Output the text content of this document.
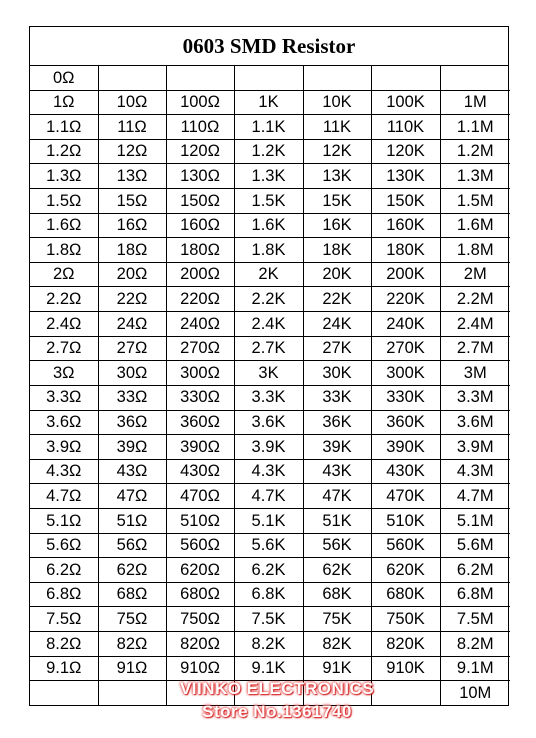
0603 SMD Resistor
0Ω						
1Ω	10Ω	100Ω	1K	10K	100K	1M
1.1Ω	11Ω	110Ω	1.1K	11K	110K	1.1M
1.2Ω	12Ω	120Ω	1.2K	12K	120K	1.2M
1.3Ω	13Ω	130Ω	1.3K	13K	130K	1.3M
1.5Ω	15Ω	150Ω	1.5K	15K	150K	1.5M
1.6Ω	16Ω	160Ω	1.6K	16K	160K	1.6M
1.8Ω	18Ω	180Ω	1.8K	18K	180K	1.8M
2Ω	20Ω	200Ω	2K	20K	200K	2M
2.2Ω	22Ω	220Ω	2.2K	22K	220K	2.2M
2.4Ω	24Ω	240Ω	2.4K	24K	240K	2.4M
2.7Ω	27Ω	270Ω	2.7K	27K	270K	2.7M
3Ω	30Ω	300Ω	3K	30K	300K	3M
3.3Ω	33Ω	330Ω	3.3K	33K	330K	3.3M
3.6Ω	36Ω	360Ω	3.6K	36K	360K	3.6M
3.9Ω	39Ω	390Ω	3.9K	39K	390K	3.9M
4.3Ω	43Ω	430Ω	4.3K	43K	430K	4.3M
4.7Ω	47Ω	470Ω	4.7K	47K	470K	4.7M
5.1Ω	51Ω	510Ω	5.1K	51K	510K	5.1M
5.6Ω	56Ω	560Ω	5.6K	56K	560K	5.6M
6.2Ω	62Ω	620Ω	6.2K	62K	620K	6.2M
6.8Ω	68Ω	680Ω	6.8K	68K	680K	6.8M
7.5Ω	75Ω	750Ω	7.5K	75K	750K	7.5M
8.2Ω	82Ω	820Ω	8.2K	82K	820K	8.2M
9.1Ω	91Ω	910Ω	9.1K	91K	910K	9.1M
						10M
VIINKO ELECTRONICS
Store No.1361740
